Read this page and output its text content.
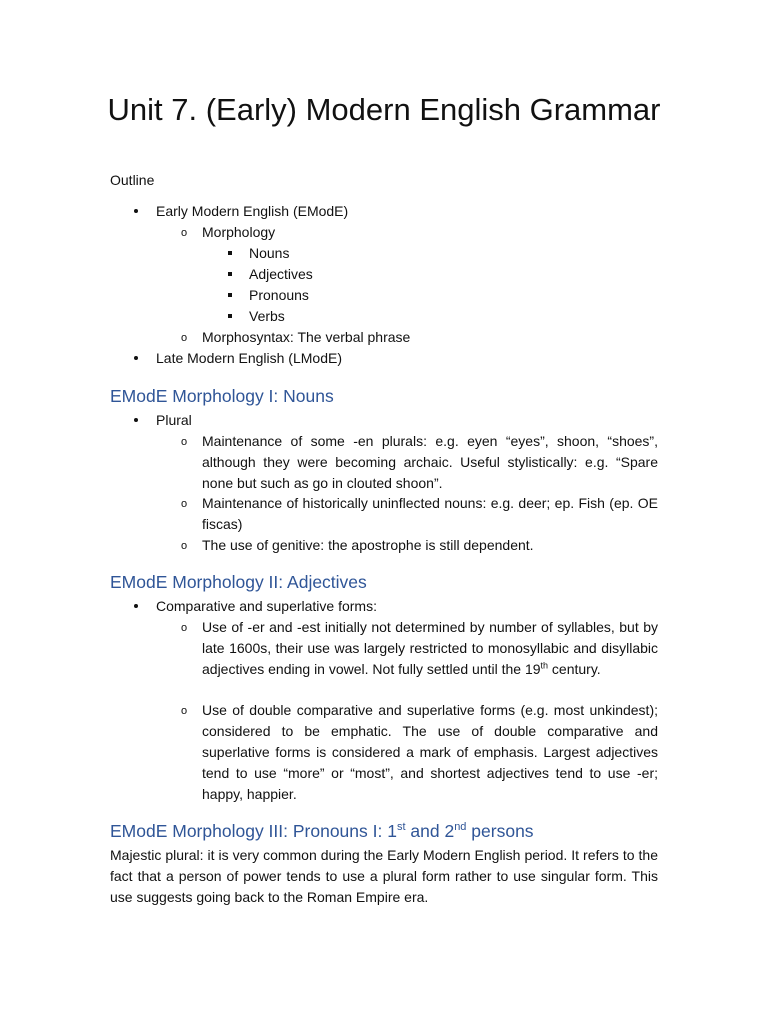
Unit 7. (Early) Modern English Grammar
Outline
Early Modern English (EModE)
o Morphology
Nouns
Adjectives
Pronouns
Verbs
o Morphosyntax: The verbal phrase
Late Modern English (LModE)
EModE Morphology I: Nouns
Plural
o Maintenance of some -en plurals: e.g. eyen “eyes”, shoon, “shoes”, although they were becoming archaic. Useful stylistically: e.g. “Spare none but such as go in clouted shoon”.
o Maintenance of historically uninflected nouns: e.g. deer; ep. Fish (ep. OE fiscas)
o The use of genitive: the apostrophe is still dependent.
EModE Morphology II: Adjectives
Comparative and superlative forms:
o Use of -er and -est initially not determined by number of syllables, but by late 1600s, their use was largely restricted to monosyllabic and disyllabic adjectives ending in vowel. Not fully settled until the 19th century.
o Use of double comparative and superlative forms (e.g. most unkindest); considered to be emphatic. The use of double comparative and superlative forms is considered a mark of emphasis. Largest adjectives tend to use “more” or “most”, and shortest adjectives tend to use -er; happy, happier.
EModE Morphology III: Pronouns I: 1st and 2nd persons
Majestic plural: it is very common during the Early Modern English period. It refers to the fact that a person of power tends to use a plural form rather to use singular form. This use suggests going back to the Roman Empire era.
